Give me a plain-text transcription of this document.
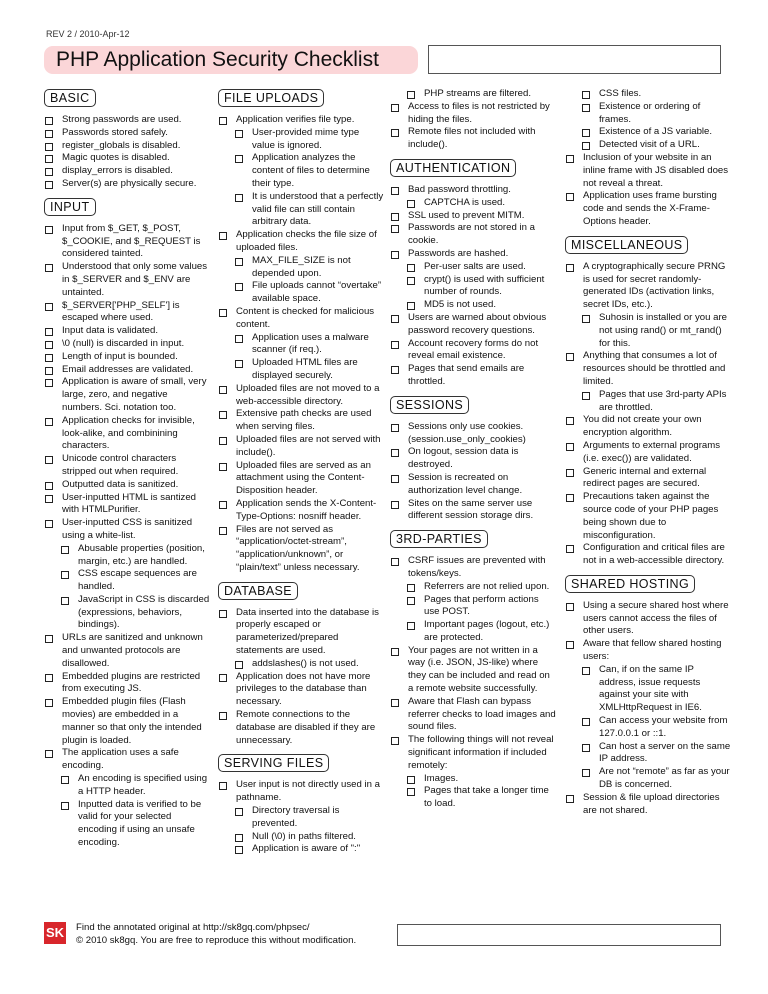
REV 2 / 2010-Apr-12
PHP Application Security Checklist
BASIC
Strong passwords are used.
Passwords stored safely.
register_globals is disabled.
Magic quotes is disabled.
display_errors is disabled.
Server(s) are physically secure.
INPUT
Input from $_GET, $_POST, $_COOKIE, and $_REQUEST is considered tainted.
Understood that only some values in $_SERVER and $_ENV are untainted.
$_SERVER['PHP_SELF'] is escaped where used.
Input data is validated.
\0 (null) is discarded in input.
Length of input is bounded.
Email addresses are validated.
Application is aware of small, very large, zero, and negative numbers. Sci. notation too.
Application checks for invisible, look-alike, and combinining characters.
Unicode control characters stripped out when required.
Outputted data is sanitized.
User-inputted HTML is santized with HTMLPurifier.
User-inputted CSS is sanitized using a white-list.
Abusable properties (position, margin, etc.) are handled.
CSS escape sequences are handled.
JavaScript in CSS is discarded (expressions, behaviors, bindings).
URLs are sanitized and unknown and unwanted protocols are disallowed.
Embedded plugins are restricted from executing JS.
Embedded plugin files (Flash movies) are embedded in a manner so that only the intended plugin is loaded.
The application uses a safe encoding.
An encoding is specified using a HTTP header.
Inputted data is verified to be valid for your selected encoding if using an unsafe encoding.
FILE UPLOADS
Application verifies file type.
User-provided mime type value is ignored.
Application analyzes the content of files to determine their type.
It is understood that a perfectly valid file can still contain arbitrary data.
Application checks the file size of uploaded files.
MAX_FILE_SIZE is not depended upon.
File uploads cannot “overtake” available space.
Content is checked for malicious content.
Application uses a malware scanner (if req.).
Uploaded HTML files are displayed securely.
Uploaded files are not moved to a web-accessible directory.
Extensive path checks are used when serving files.
Uploaded files are not served with include().
Uploaded files are served as an attachment using the Content-Disposition header.
Application sends the X-Content-Type-Options: nosniff header.
Files are not served as “application/octet-stream”, “application/unknown”, or “plain/text” unless necessary.
DATABASE
Data inserted into the database is properly escaped or parameterized/prepared statements are used.
addslashes() is not used.
Application does not have more privileges to the database than necessary.
Remote connections to the database are disabled if they are unnecessary.
SERVING FILES
User input is not directly used in a pathname.
Directory traversal is prevented.
Null (\0) in paths filtered.
Application is aware of ":"
PHP streams are filtered.
Access to files is not restricted by hiding the files.
Remote files not included with include().
AUTHENTICATION
Bad password throttling.
CAPTCHA is used.
SSL used to prevent MITM.
Passwords are not stored in a cookie.
Passwords are hashed.
Per-user salts are used.
crypt() is used with sufficient number of rounds.
MD5 is not used.
Users are warned about obvious password recovery questions.
Account recovery forms do not reveal email existence.
Pages that send emails are throttled.
SESSIONS
Sessions only use cookies. (session.use_only_cookies)
On logout, session data is destroyed.
Session is recreated on authorization level change.
Sites on the same server use different session storage dirs.
3RD-PARTIES
CSRF issues are prevented with tokens/keys.
Referrers are not relied upon.
Pages that perform actions use POST.
Important pages (logout, etc.) are protected.
Your pages are not written in a way (i.e. JSON, JS-like) where they can be included and read on a remote website successfully.
Aware that Flash can bypass referrer checks to load images and sound files.
The following things will not reveal significant information if included remotely:
Images.
Pages that take a longer time to load.
CSS files.
Existence or ordering of frames.
Existence of a JS variable.
Detected visit of a URL.
Inclusion of your website in an inline frame with JS disabled does not reveal a threat.
Application uses frame bursting code and sends the X-Frame-Options header.
MISCELLANEOUS
A cryptographically secure PRNG is used for secret randomly-generated IDs (activation links, secret IDs, etc.).
Suhosin is installed or you are not using rand() or mt_rand() for this.
Anything that consumes a lot of resources should be throttled and limited.
Pages that use 3rd-party APIs are throttled.
You did not create your own encryption algorithm.
Arguments to external programs (i.e. exec()) are validated.
Generic internal and external redirect pages are secured.
Precautions taken against the source code of your PHP pages being shown due to misconfiguration.
Configuration and critical files are not in a web-accessible directory.
SHARED HOSTING
Using a secure shared host where users cannot access the files of other users.
Aware that fellow shared hosting users:
Can, if on the same IP address, issue requests against your site with XMLHttpRequest in IE6.
Can access your website from 127.0.0.1 or ::1.
Can host a server on the same IP address.
Are not “remote” as far as your DB is concerned.
Session & file upload directories are not shared.
SK Find the annotated original at http://sk8gq.com/phpsec/
© 2010 sk8gq. You are free to reproduce this without modification.
